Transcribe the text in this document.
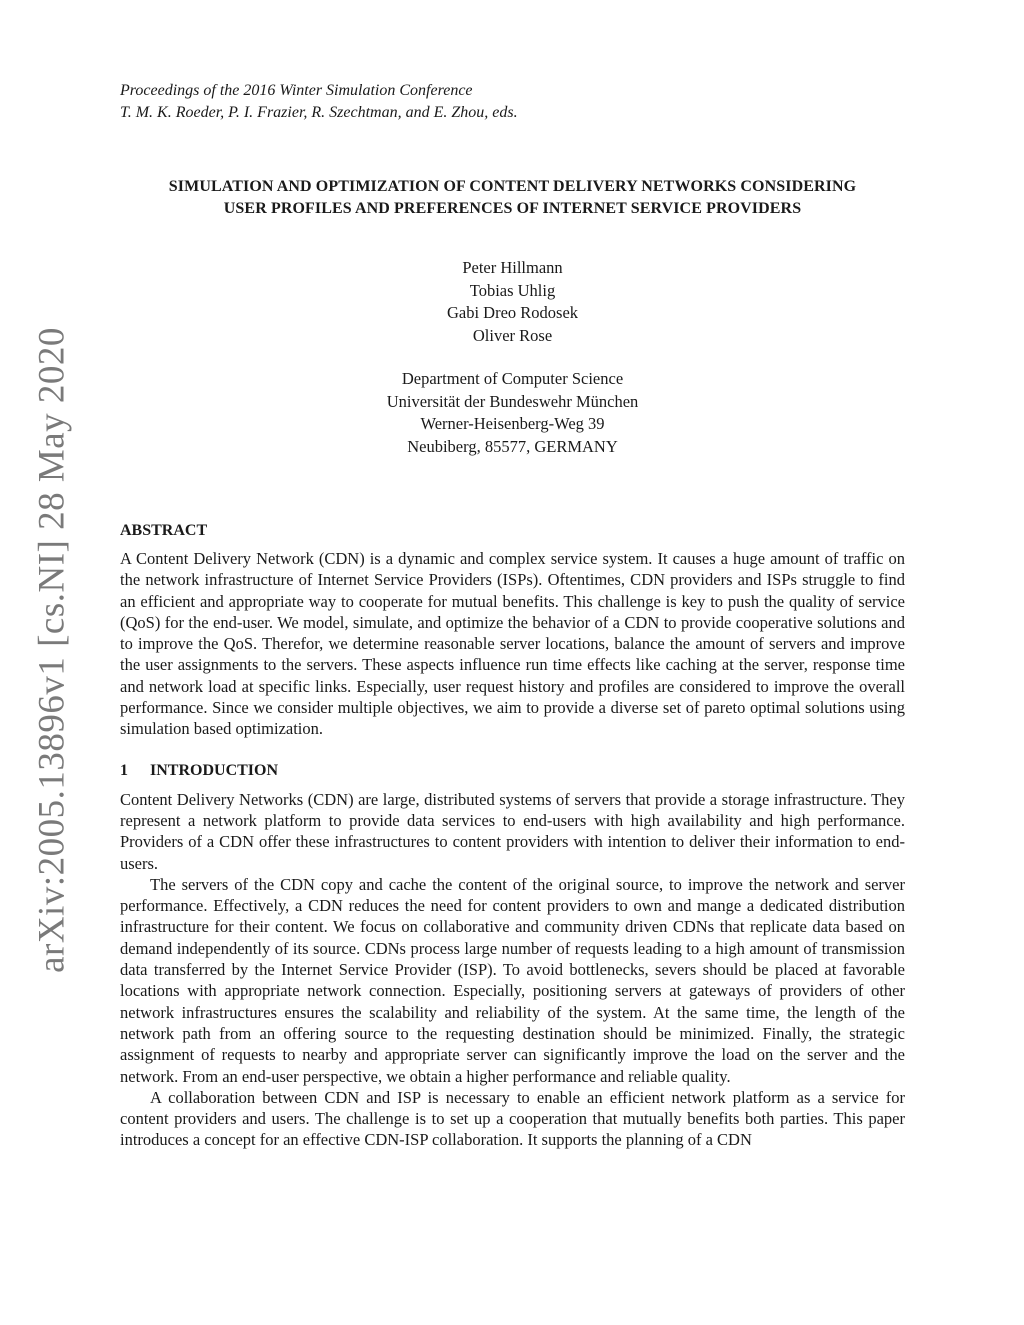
arXiv:2005.13896v1 [cs.NI] 28 May 2020
Proceedings of the 2016 Winter Simulation Conference
T. M. K. Roeder, P. I. Frazier, R. Szechtman, and E. Zhou, eds.
SIMULATION AND OPTIMIZATION OF CONTENT DELIVERY NETWORKS CONSIDERING
USER PROFILES AND PREFERENCES OF INTERNET SERVICE PROVIDERS
Peter Hillmann
Tobias Uhlig
Gabi Dreo Rodosek
Oliver Rose
Department of Computer Science
Universität der Bundeswehr München
Werner-Heisenberg-Weg 39
Neubiberg, 85577, GERMANY
ABSTRACT
A Content Delivery Network (CDN) is a dynamic and complex service system. It causes a huge amount of traffic on the network infrastructure of Internet Service Providers (ISPs). Oftentimes, CDN providers and ISPs struggle to find an efficient and appropriate way to cooperate for mutual benefits. This challenge is key to push the quality of service (QoS) for the end-user. We model, simulate, and optimize the behavior of a CDN to provide cooperative solutions and to improve the QoS. Therefor, we determine reasonable server locations, balance the amount of servers and improve the user assignments to the servers. These aspects influence run time effects like caching at the server, response time and network load at specific links. Especially, user request history and profiles are considered to improve the overall performance. Since we consider multiple objectives, we aim to provide a diverse set of pareto optimal solutions using simulation based optimization.
1 INTRODUCTION
Content Delivery Networks (CDN) are large, distributed systems of servers that provide a storage infrastructure. They represent a network platform to provide data services to end-users with high availability and high performance. Providers of a CDN offer these infrastructures to content providers with intention to deliver their information to end-users.
The servers of the CDN copy and cache the content of the original source, to improve the network and server performance. Effectively, a CDN reduces the need for content providers to own and mange a dedicated distribution infrastructure for their content. We focus on collaborative and community driven CDNs that replicate data based on demand independently of its source. CDNs process large number of requests leading to a high amount of transmission data transferred by the Internet Service Provider (ISP). To avoid bottlenecks, severs should be placed at favorable locations with appropriate network connection. Especially, positioning servers at gateways of providers of other network infrastructures ensures the scalability and reliability of the system. At the same time, the length of the network path from an offering source to the requesting destination should be minimized. Finally, the strategic assignment of requests to nearby and appropriate server can significantly improve the load on the server and the network. From an end-user perspective, we obtain a higher performance and reliable quality.
A collaboration between CDN and ISP is necessary to enable an efficient network platform as a service for content providers and users. The challenge is to set up a cooperation that mutually benefits both parties. This paper introduces a concept for an effective CDN-ISP collaboration. It supports the planning of a CDN
